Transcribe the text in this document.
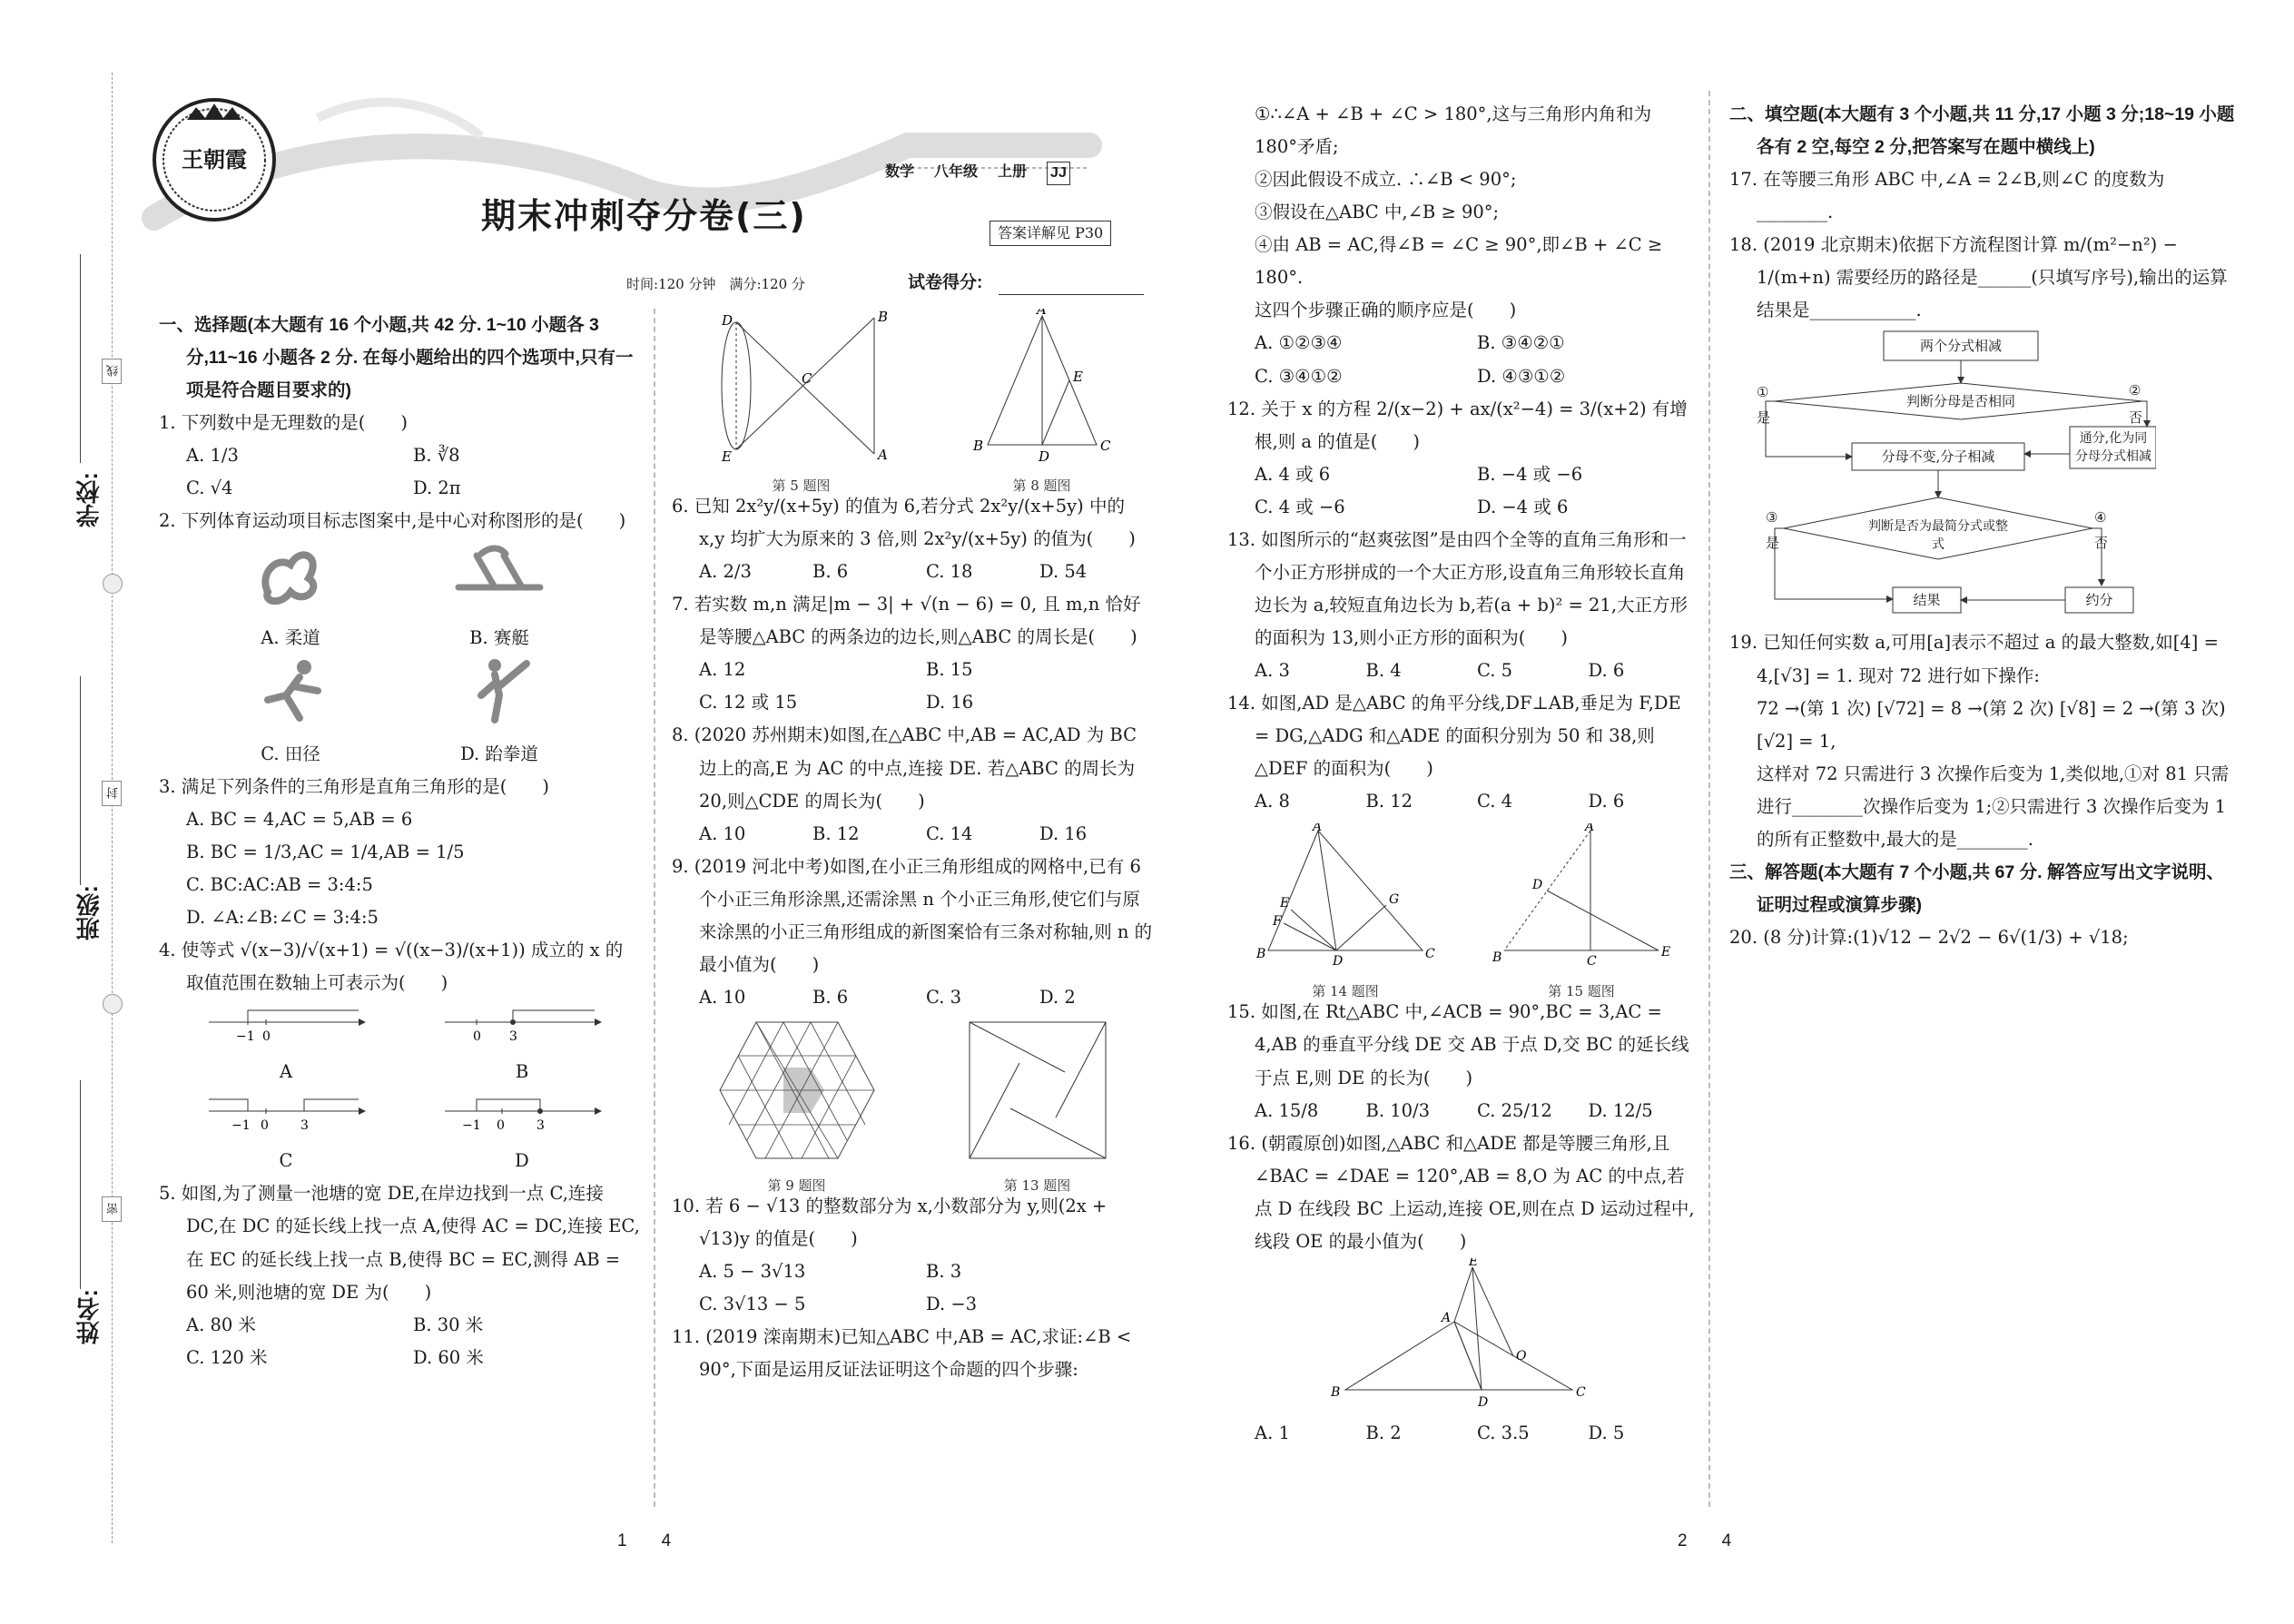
学校:
班级:
姓名:
线
封
密
王朝霞
期末冲刺夺分卷(三)
数学 八年级 上册 JJ
答案详解见 P30
时间:120 分钟　满分:120 分	试卷得分:

一、选择题(本大题有 16 个小题,共 42 分. 1~10 小题各 3 分,11~16 小题各 2 分. 在每小题给出的四个选项中,只有一项是符合题目要求的)

1. 下列数中是无理数的是(　　)

A. 1/3	B. ∛8
C. √4	D. 2π

2. 下列体育运动项目标志图案中,是中心对称图形的是(　　)

A. 柔道	B. 赛艇
C. 田径	D. 跆拳道

3. 满足下列条件的三角形是直角三角形的是(　　)

A. BC = 4,AC = 5,AB = 6
B. BC = 1/3,AC = 1/4,AB = 1/5
C. BC:AC:AB = 3:4:5
D. ∠A:∠B:∠C = 3:4:5

4. 使等式 √(x−3)/√(x+1) = √((x−3)/(x+1)) 成立的 x 的取值范围在数轴上可表示为(　　)

−1 0
A
0 3
B
−1 0	3
C
−1 0	3
D

5. 如图,为了测量一池塘的宽 DE,在岸边找到一点 C,连接 DC,在 DC 的延长线上找一点 A,使得 AC = DC,连接 EC,在 EC 的延长线上找一点 B,使得 BC = EC,测得 AB = 60 米,则池塘的宽 DE 为(　　)

A. 80 米	B. 30 米
C. 120 米	D. 60 米
D
E
C
B
A
第 5 题图
A
B	C
D
E
第 8 题图

6. 已知 2x²y/(x+5y) 的值为 6,若分式 2x²y/(x+5y) 中的 x,y 均扩大为原来的 3 倍,则 2x²y/(x+5y) 的值为(　　)

A. 2/3	B. 6	C. 18	D. 54

7. 若实数 m,n 满足|m − 3| + √(n − 6) = 0, 且 m,n 恰好是等腰△ABC 的两条边的边长,则△ABC 的周长是(　　)

A. 12	B. 15
C. 12 或 15	D. 16

8. (2020 苏州期末)如图,在△ABC 中,AB = AC,AD 为 BC 边上的高,E 为 AC 的中点,连接 DE. 若△ABC 的周长为 20,则△CDE 的周长为(　　)

A. 10	B. 12	C. 14	D. 16

9. (2019 河北中考)如图,在小正三角形组成的网格中,已有 6 个小正三角形涂黑,还需涂黑 n 个小正三角形,使它们与原来涂黑的小正三角形组成的新图案恰有三条对称轴,则 n 的最小值为(　　)

A. 10	B. 6	C. 3	D. 2
第 9 题图	第 13 题图

10. 若 6 − √13 的整数部分为 x,小数部分为 y,则(2x + √13)y 的值是(　　)

A. 5 − 3√13	B. 3
C. 3√13 − 5	D. −3

11. (2019 滦南期末)已知△ABC 中,AB = AC,求证:∠B < 90°,下面是运用反证法证明这个命题的四个步骤:

1　　4

①∴∠A + ∠B + ∠C > 180°,这与三角形内角和为 180°矛盾;

②因此假设不成立. ∴∠B < 90°;

③假设在△ABC 中,∠B ≥ 90°;

④由 AB = AC,得∠B = ∠C ≥ 90°,即∠B + ∠C ≥ 180°.

这四个步骤正确的顺序应是(　　)

A. ①②③④	B. ③④②①
C. ③④①②	D. ④③①②

12. 关于 x 的方程 2/(x−2) + ax/(x²−4) = 3/(x+2) 有增根,则 a 的值是(　　)

A. 4 或 6	B. −4 或 −6
C. 4 或 −6	D. −4 或 6

13. 如图所示的“赵爽弦图”是由四个全等的直角三角形和一个小正方形拼成的一个大正方形,设直角三角形较长直角边长为 a,较短直角边长为 b,若(a + b)² = 21,大正方形的面积为 13,则小正方形的面积为(　　)

A. 3	B. 4	C. 5	D. 6

14. 如图,AD 是△ABC 的角平分线,DF⊥AB,垂足为 F,DE = DG,△ADG 和△ADE 的面积分别为 50 和 38,则△DEF 的面积为(　　)

A. 8	B. 12	C. 4	D. 6
A
B	C
D
E
F
G
第 14 题图
A
B	C
D
E
第 15 题图

15. 如图,在 Rt△ABC 中,∠ACB = 90°,BC = 3,AC = 4,AB 的垂直平分线 DE 交 AB 于点 D,交 BC 的延长线于点 E,则 DE 的长为(　　)

A. 15/8	B. 10/3	C. 25/12	D. 12/5

16. (朝霞原创)如图,△ABC 和△ADE 都是等腰三角形,且∠BAC = ∠DAE = 120°,AB = 8,O 为 AC 的中点,若点 D 在线段 BC 上运动,连接 OE,则在点 D 运动过程中,线段 OE 的最小值为(　　)

E
A
B	C
D
O
A. 1	B. 2	C. 3.5	D. 5
2　　4

二、填空题(本大题有 3 个小题,共 11 分,17 小题 3 分;18~19 小题各有 2 空,每空 2 分,把答案写在题中横线上)

17. 在等腰三角形 ABC 中,∠A = 2∠B,则∠C 的度数为________.

18. (2019 北京期末)依据下方流程图计算 m/(m²−n²) − 1/(m+n) 需要经历的路径是______(只填写序号),输出的运算结果是____________.

两个分式相减
判断分母是否相同
①
是
②
否
分母不变,分子相减
通分,化为同分母分式相减
判断是否为最简分式或整式
③
是
④
否
结果	约分

19. 已知任何实数 a,可用[a]表示不超过 a 的最大整数,如[4] = 4,[√3] = 1. 现对 72 进行如下操作:

72 →(第 1 次) [√72] = 8 →(第 2 次) [√8] = 2 →(第 3 次) [√2] = 1,

这样对 72 只需进行 3 次操作后变为 1,类似地,①对 81 只需进行________次操作后变为 1;②只需进行 3 次操作后变为 1 的所有正整数中,最大的是________.

三、解答题(本大题有 7 个小题,共 67 分. 解答应写出文字说明、证明过程或演算步骤)

20. (8 分)计算:(1)√12 − 2√2 − 6√(1/3) + √18;
